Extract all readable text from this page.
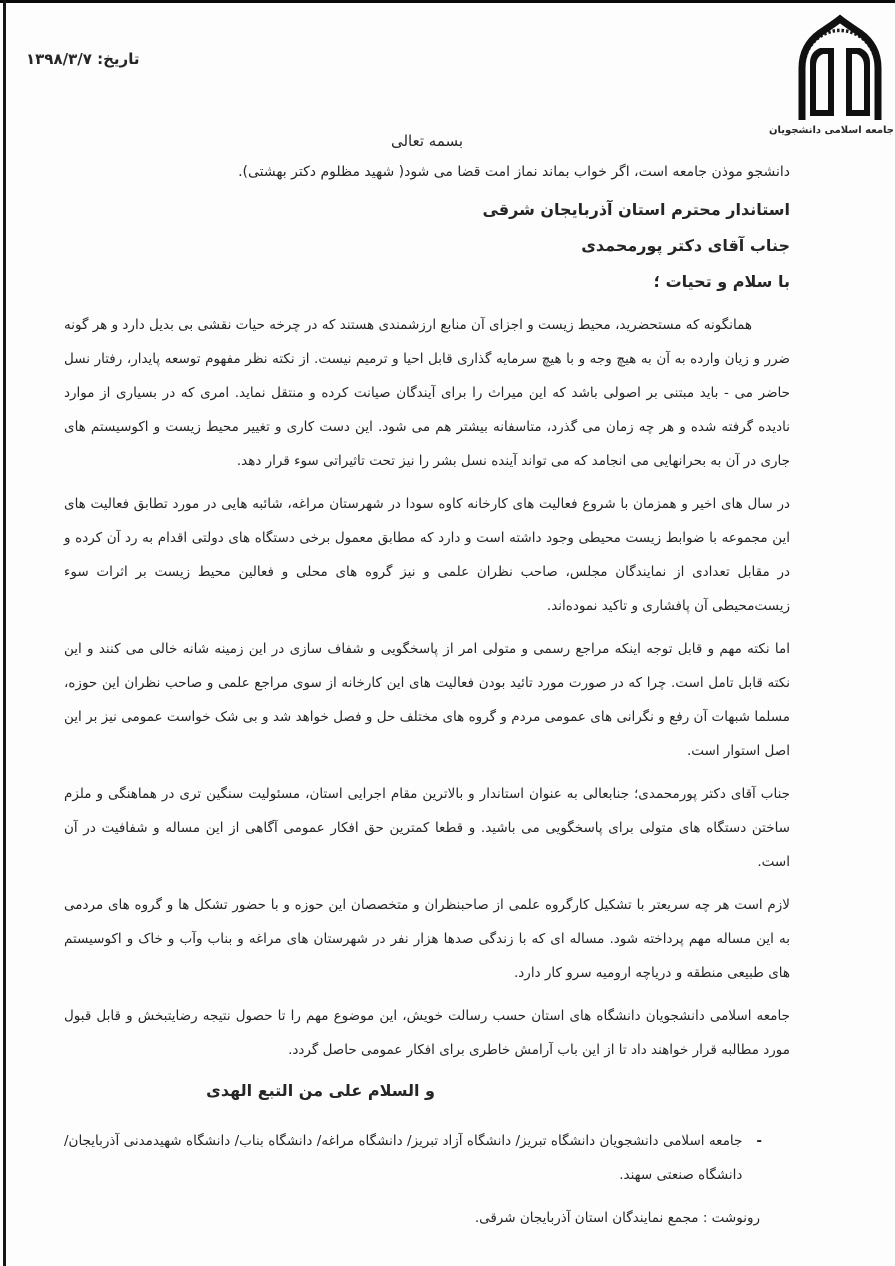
تاریخ: ۱۳۹۸/۳/۷
جامعه اسلامی دانشجویان
بسمه تعالی
دانشجو موذن جامعه است، اگر خواب بماند نماز امت قضا می شود( شهید مظلوم دکتر بهشتی).
استاندار محترم استان آذربایجان شرقی
جناب آقای دکتر پورمحمدی
با سلام و تحیات ؛

همانگونه که مستحضرید، محیط زیست و اجزای آن منابع ارزشمندی هستند که در چرخه حیات نقشی بی بدیل دارد و هر گونه ضرر و زیان وارده به آن به هیچ وجه و با هیچ سرمایه گذاری قابل احیا و ترمیم نیست. از نکته نظر مفهوم توسعه پایدار، رفتار نسل حاضر می - باید مبتنی بر اصولی باشد که این میراث را برای آیندگان صیانت کرده و منتقل نماید. امری که در بسیاری از موارد نادیده گرفته شده و هر چه زمان می گذرد، متاسفانه بیشتر هم می شود. این دست کاری و تغییر محیط زیست و اکوسیستم های جاری در آن به بحرانهایی می انجامد که می تواند آینده نسل بشر را نیز تحت تاثیراتی سوء قرار دهد.

در سال های اخیر و همزمان با شروع فعالیت های کارخانه کاوه سودا در شهرستان مراغه، شائبه هایی در مورد تطابق فعالیت های این مجموعه با ضوابط زیست محیطی وجود داشته است و دارد که مطابق معمول برخی دستگاه های دولتی اقدام به رد آن کرده و در مقابل تعدادی از نمایندگان مجلس، صاحب نظران علمی و نیز گروه های محلی و فعالین محیط زیست بر اثرات سوء زیست‌محیطی آن پافشاری و تاکید نموده‌اند.

اما نکته مهم و قابل توجه اینکه مراجع رسمی و متولی امر از پاسخگویی و شفاف سازی در این زمینه شانه خالی می کنند و این نکته قابل تامل است. چرا که در صورت مورد تائید بودن فعالیت های این کارخانه از سوی مراجع علمی و صاحب نظران این حوزه، مسلما شبهات آن رفع و نگرانی های عمومی مردم و گروه های مختلف حل و فصل خواهد شد و بی شک خواست عمومی نیز بر این اصل استوار است.

جناب آقای دکتر پورمحمدی؛ جنابعالی به عنوان استاندار و بالاترین مقام اجرایی استان، مسئولیت سنگین تری در هماهنگی و ملزم ساختن دستگاه های متولی برای پاسخگویی می باشید. و قطعا کمترین حق افکار عمومی آگاهی از این مساله و شفافیت در آن است.

لازم است هر چه سریعتر با تشکیل کارگروه علمی از صاحبنظران و متخصصان این حوزه و با حضور تشکل ها و گروه های مردمی به این مساله مهم پرداخته شود. مساله ای که با زندگی صدها هزار نفر در شهرستان های مراغه و بناب وآب و خاک و اکوسیستم های طبیعی منطقه و دریاچه ارومیه سرو کار دارد.

جامعه اسلامی دانشجویان دانشگاه های استان حسب رسالت خویش، این موضوع مهم را تا حصول نتیجه رضایتبخش و قابل قبول مورد مطالبه قرار خواهند داد تا از این باب آرامش خاطری برای افکار عمومی حاصل گردد.

و السلام علی من التبع الهدی
-
جامعه اسلامی دانشجویان دانشگاه تبریز/ دانشگاه آزاد تبریز/ دانشگاه مراغه/ دانشگاه بناب/ دانشگاه شهیدمدنی آذربایجان/ دانشگاه صنعتی سهند.
رونوشت : مجمع نمایندگان استان آذربایجان شرقی.
